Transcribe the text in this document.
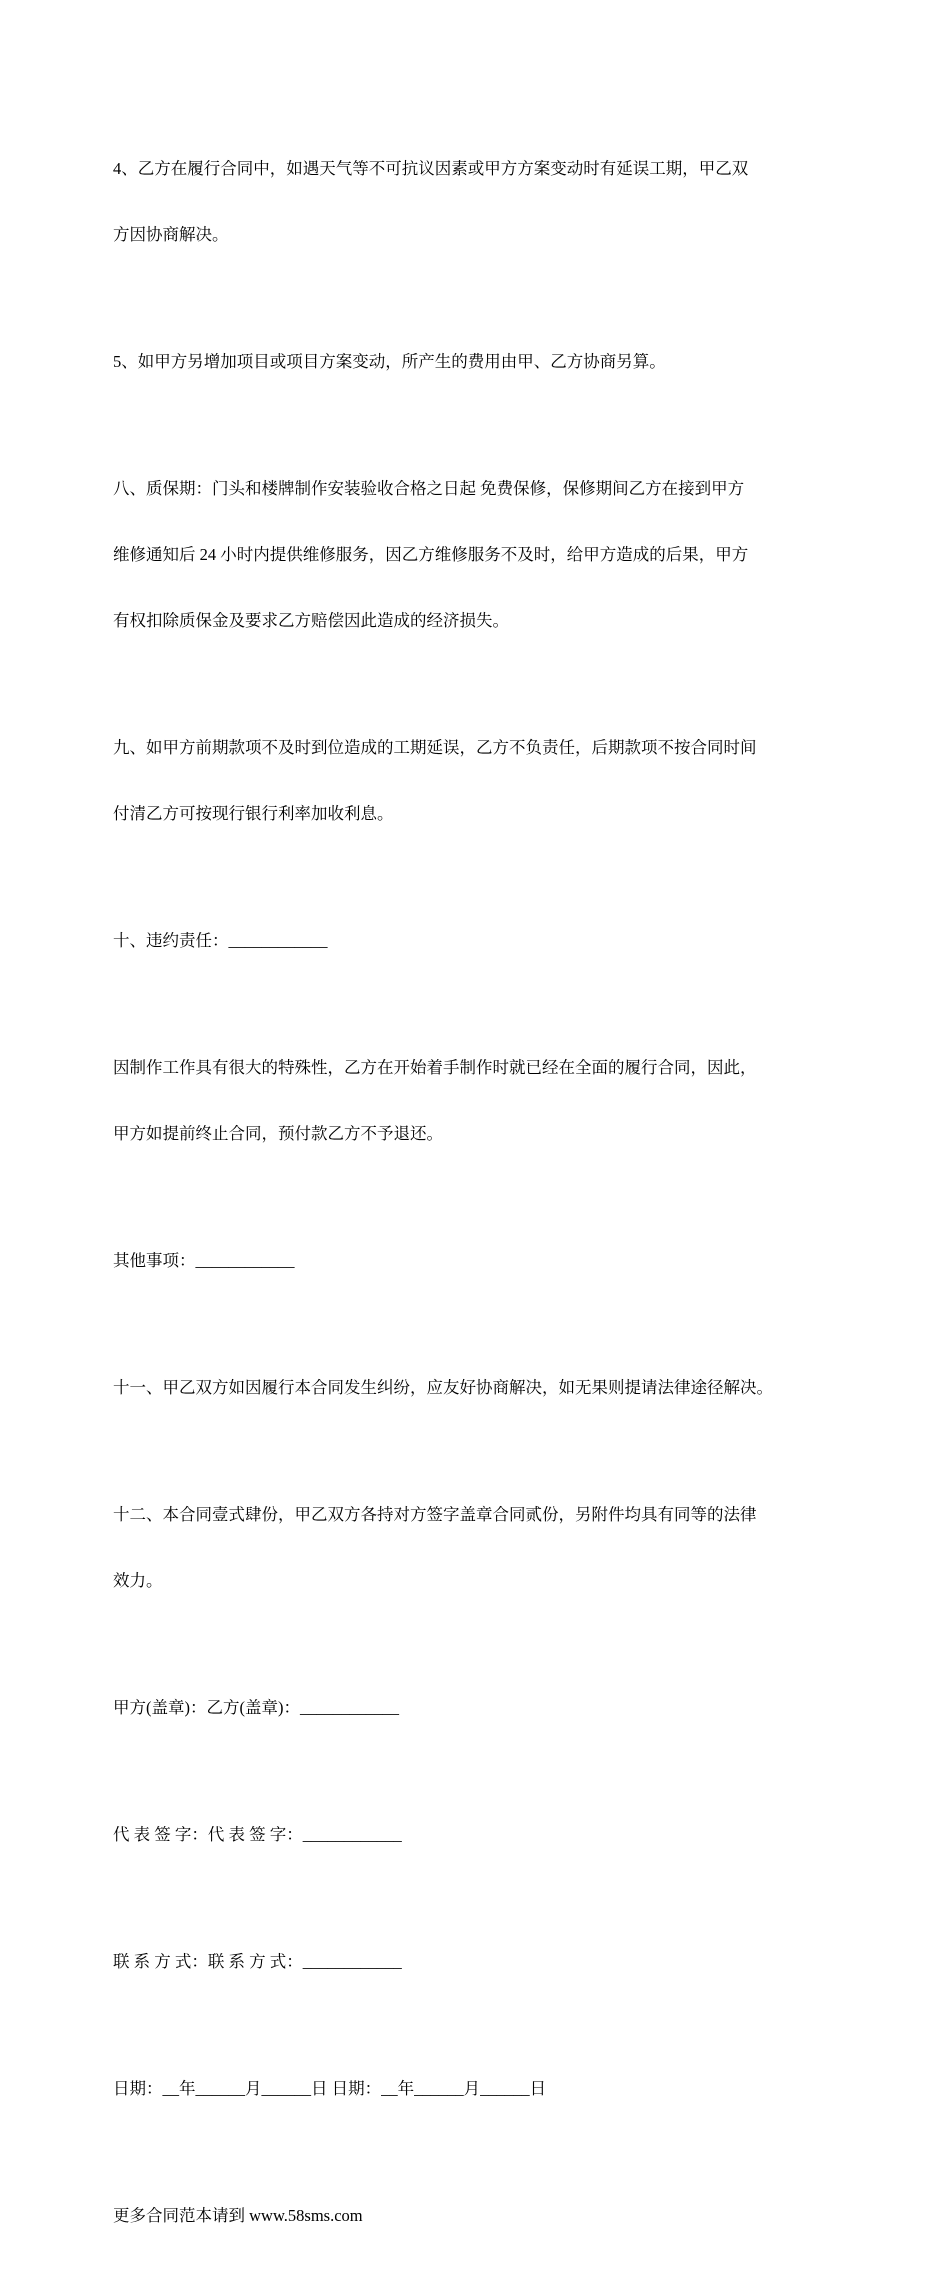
4、乙方在履行合同中，如遇天气等不可抗议因素或甲方方案变动时有延误工期，甲乙双

方因协商解决。

5、如甲方另增加项目或项目方案变动，所产生的费用由甲、乙方协商另算。

八、质保期：门头和楼牌制作安装验收合格之日起 免费保修，保修期间乙方在接到甲方

维修通知后 24 小时内提供维修服务，因乙方维修服务不及时，给甲方造成的后果，甲方

有权扣除质保金及要求乙方赔偿因此造成的经济损失。

九、如甲方前期款项不及时到位造成的工期延误，乙方不负责任，后期款项不按合同时间

付清乙方可按现行银行利率加收利息。

十、违约责任：____________

因制作工作具有很大的特殊性，乙方在开始着手制作时就已经在全面的履行合同，因此，

甲方如提前终止合同，预付款乙方不予退还。

其他事项：____________

十一、甲乙双方如因履行本合同发生纠纷，应友好协商解决，如无果则提请法律途径解决。

十二、本合同壹式肆份，甲乙双方各持对方签字盖章合同贰份，另附件均具有同等的法律

效力。

甲方(盖章)：乙方(盖章)：____________

代 表 签 字：代 表 签 字：____________

联 系 方 式：联 系 方 式：____________

日期：__年______月______日 日期：__年______月______日

更多合同范本请到 www.58sms.com
